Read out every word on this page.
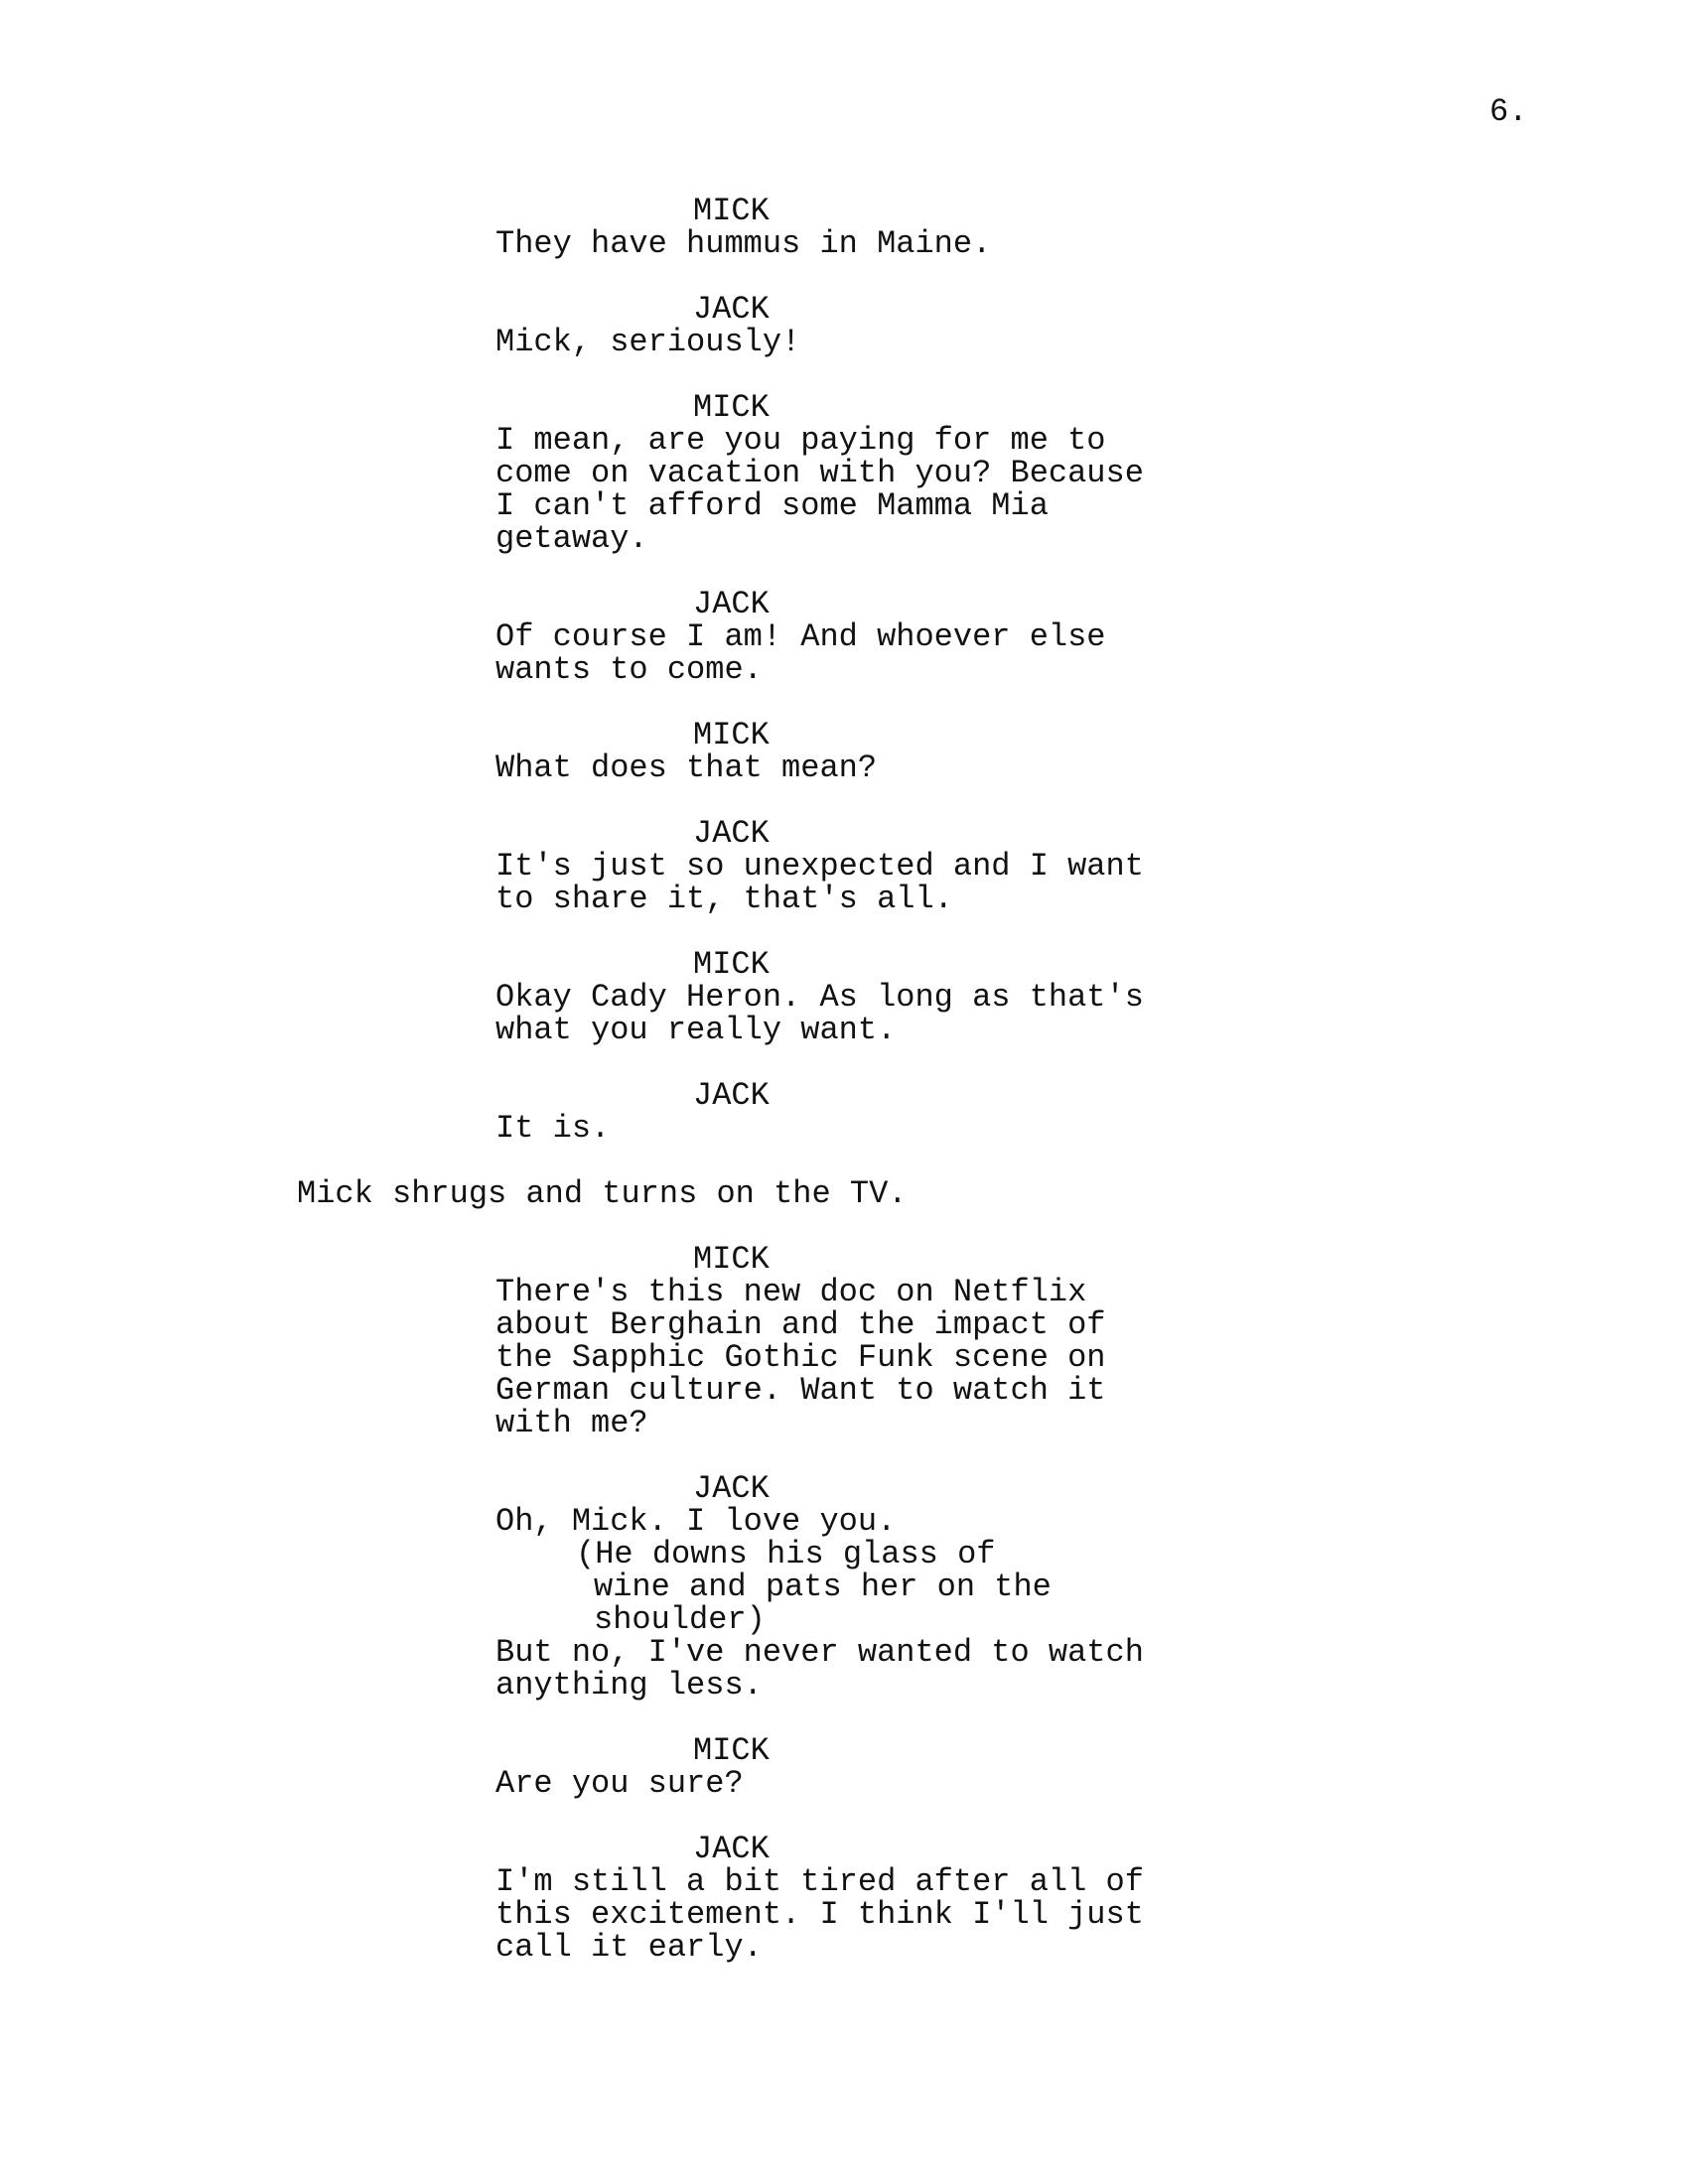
6.
MICK
They have hummus in Maine.
JACK
Mick, seriously!
MICK
I mean, are you paying for me to
come on vacation with you? Because
I can't afford some Mamma Mia
getaway.
JACK
Of course I am! And whoever else
wants to come.
MICK
What does that mean?
JACK
It's just so unexpected and I want
to share it, that's all.
MICK
Okay Cady Heron. As long as that's
what you really want.
JACK
It is.
Mick shrugs and turns on the TV.
MICK
There's this new doc on Netflix
about Berghain and the impact of
the Sapphic Gothic Funk scene on
German culture. Want to watch it
with me?
JACK
Oh, Mick. I love you.
(He downs his glass of
wine and pats her on the
shoulder)
But no, I've never wanted to watch
anything less.
MICK
Are you sure?
JACK
I'm still a bit tired after all of
this excitement. I think I'll just
call it early.
